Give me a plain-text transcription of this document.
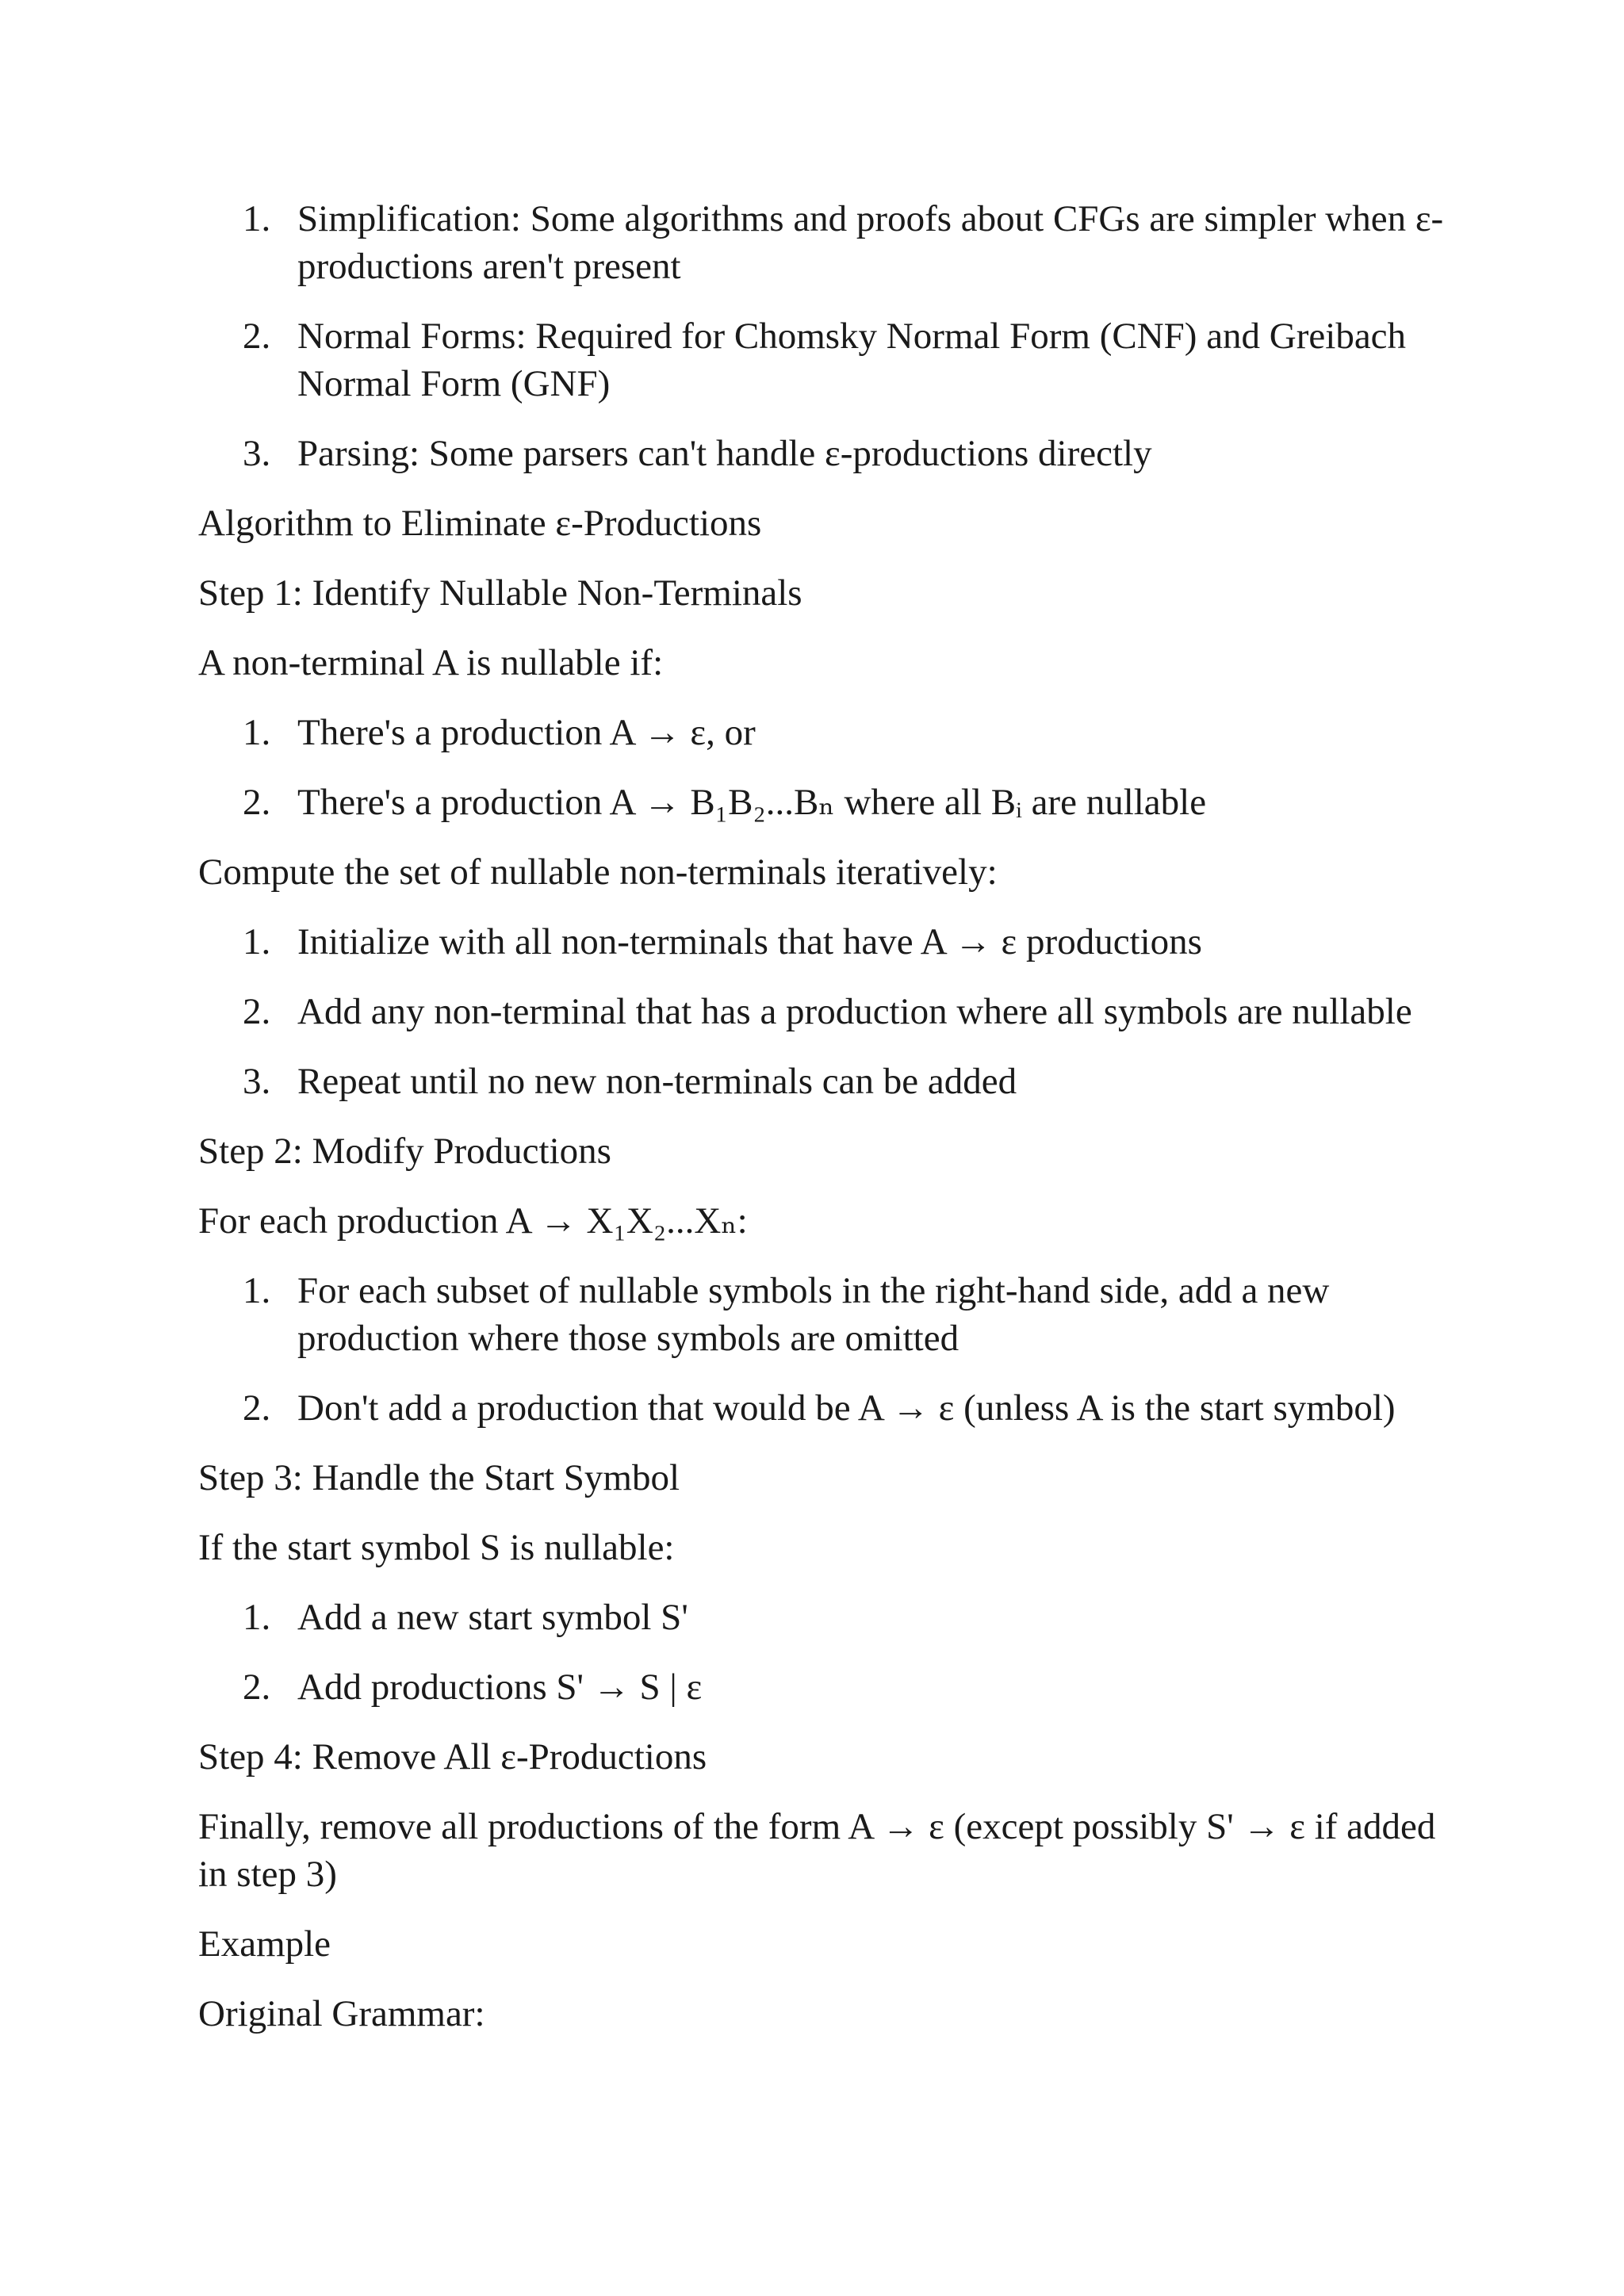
1. Simplification: Some algorithms and proofs about CFGs are simpler when ε-productions aren't present
2. Normal Forms: Required for Chomsky Normal Form (CNF) and Greibach Normal Form (GNF)
3. Parsing: Some parsers can't handle ε-productions directly

Algorithm to Eliminate ε-Productions

Step 1: Identify Nullable Non-Terminals

A non-terminal A is nullable if:

1. There's a production A → ε, or
2. There's a production A → B₁B₂...Bₙ where all Bᵢ are nullable

Compute the set of nullable non-terminals iteratively:

1. Initialize with all non-terminals that have A → ε productions
2. Add any non-terminal that has a production where all symbols are nullable
3. Repeat until no new non-terminals can be added

Step 2: Modify Productions

For each production A → X₁X₂...Xₙ:

1. For each subset of nullable symbols in the right-hand side, add a new production where those symbols are omitted
2. Don't add a production that would be A → ε (unless A is the start symbol)

Step 3: Handle the Start Symbol

If the start symbol S is nullable:

1. Add a new start symbol S'
2. Add productions S' → S | ε

Step 4: Remove All ε-Productions

Finally, remove all productions of the form A → ε (except possibly S' → ε if added in step 3)

Example

Original Grammar:
